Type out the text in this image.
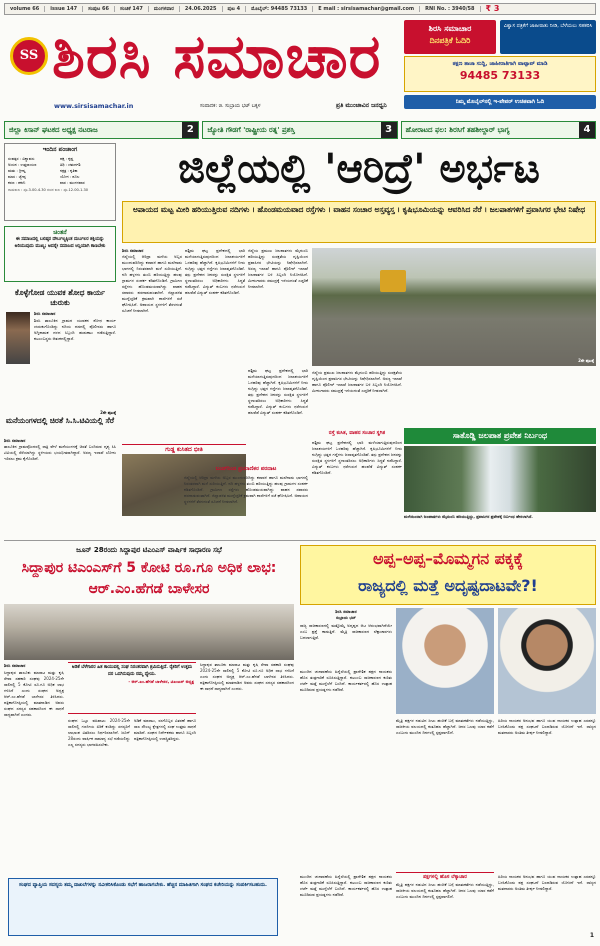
volume 66	issue 147	ಸಂಪುಟ 66	ಸಂಚಿಕೆ 147	ಮಂಗಳವಾರ	24.06.2025	ಪುಟ 4	ಮೊಬೈಲ್: 94485 73133	E mail : sirsisamachar@gmail.com	RNI No. : 3940/58	₹ 3
SS ಶಿರಸಿ ಸಮಾಚಾರ
www.sirsisamachar.in	ಸಂಪಾದಕ: ಜಿ. ಸುಬ್ರಾಯ ಭಟ್ ಬಕ್ಕಳ	ಪ್ರತಿ ಮುಂಜಾವಿನ ಜನಧ್ವನಿ
ಶಿರಸಿ ಸಮಾಚಾರ
ದಿನಪತ್ರಿಕೆ ಓದಿರಿ
ವಿಶ್ವಾಸ ಪತ್ರಿಕೆಗೆ ಜಾಹೀರಾತು ನೀಡಿ, ಬೆಳೆಯಲು ಸಹಕರಿಸಿ
ತಕ್ಷಣ ತಾಜಾ ಸುದ್ದಿ, ಜಾಹೀರಾತಿಗಾಗಿ ವಾಟ್ಸಾಪ್ ಮಾಡಿ
94485 73133
ನಿಮ್ಮ ಮೊಬೈಲ್‌ನಲ್ಲಿ ಇ-ಪೇಪರ್ ಉಚಿತವಾಗಿ ಓದಿ
ಜಿಲ್ಲಾ ಕಿಸಾನ್ ಘಟಕದ ಅಧ್ಯಕ್ಷ ನಟರಾಜ	2	ಜ್ಯೋತಿ ಗೌಡಗೆ 'ರಾಷ್ಟ್ರೀಯ ರತ್ನ' ಪ್ರಶಸ್ತಿ	3	ಹೋರಾಟದ ಫಲ: ಶಿರಸಿಗೆ ತಹಶೀಲ್ದಾರ್ ಭಾಗ್ಯ	4
ಇಂದಿನ ಪಂಚಾಂಗ
ಸಂವತ್ಸರ : ವಿಶ್ವಾವಸು	ಪಕ್ಷ : ಕೃಷ್ಣ
ಅಯನ : ಉತ್ತರಾಯಣ	ತಿಥಿ : ಚತುರ್ದಶಿ
ಋತು : ಗ್ರೀಷ್ಮ	ನಕ್ಷತ್ರ : ಕೃತಿಕಾ
ಮಾಸ : ಜ್ಯೇಷ್ಠ	ಯೋಗ : ಶೂಲ
ಕರಣ : ಶಕುನಿ	ವಾರ : ಮಂಗಳವಾರ
ರಾಹುಕಾಲ : ಪೂ.3.00-4.30 ಗುಳಿಕ ಕಾಲ : ಪೂ.12.00-1.30
ಚಿಂತನೆ
ಈ ಸಮಾಜದಲ್ಲಿ ಬಲಿಷ್ಠರ ದೌರ್ಬಲ್ಯಕ್ಕಿಂತ ದುರ್ಬಲರ ಶಕ್ತಿಯನ್ನು ಅರಿಯುವುದು ಮುಖ್ಯ; ಅದನ್ನೇ ಸಮಾಜದ ಆಸ್ತಿಯಾಗಿ ಕಾಣಬೇಕು
ಕೊಳ್ಳೆಗೋಡ ಯುವಕ ಶೋಧ ಕಾರ್ಯ ಚುರುಕು
ಶಿರಸಿ ಸಮಾಚಾರ
ಶಿರಸಿ ತಾಲೂಕಿನ ಗ್ರಾಮದ ಯುವಕನ ಶೋಧ ಕಾರ್ಯ ಚುರುಕುಗೊಂಡಿದ್ದು ನದಿಯ ದಡದಲ್ಲಿ ಪೊಲೀಸರು ಹಾಗೂ ಅಗ್ನಿಶಾಮಕ ದಳದ ಸಿಬ್ಬಂದಿ ಹುಡುಕಾಟ ನಡೆಸುತ್ತಿದ್ದಾರೆ. ಕುಟುಂಬಸ್ಥರು ಆತಂಕದಲ್ಲಿದ್ದಾರೆ.
2ನೇ ಪುಟಕ್ಕೆ
ಮನೆಯಂಗಳದಲ್ಲಿ ಚಿರತೆ ಸಿ.ಸಿ.ಟಿವಿಯಲ್ಲಿ ಸೆರೆ
ಶಿರಸಿ ಸಮಾಚಾರ
ತಾಲೂಕಿನ ಗ್ರಾಮವೊಂದರಲ್ಲಿ ರಾತ್ರಿ ವೇಳೆ ಮನೆಯಂಗಳಕ್ಕೆ ಚಿರತೆ ಬಂದಿರುವ ದೃಶ್ಯ ಸಿಸಿ ಟಿವಿಯಲ್ಲಿ ಸೆರೆಯಾಗಿದ್ದು ಸ್ಥಳೀಯರು ಭಯಭೀತರಾಗಿದ್ದಾರೆ. ಅರಣ್ಯ ಇಲಾಖೆ ಬೋನು ಇರಿಸಲು ಕ್ರಮ ಕೈಗೊಂಡಿದೆ.
ಜಿಲ್ಲೆಯಲ್ಲಿ 'ಆರಿದ್ರೆ' ಅರ್ಭಟ
ಅಪಾಯದ ಮಟ್ಟ ಮೀರಿ ಹರಿಯುತ್ತಿರುವ ನದಿಗಳು । ಹೊಂಡಮಯವಾದ ರಸ್ತೆಗಳು । ವಾಹನ ಸಂಚಾರ ಅಸ್ತವ್ಯಸ್ತ । ಕೃಷಿಭೂಮಿಯನ್ನು ಆವರಿಸಿದ ನೆರೆ । ಜಲಪಾತಗಳಿಗೆ ಪ್ರವಾಸಿಗರ ಭೇಟಿ ನಿಷೇಧ
ಶಿರಸಿ ಸಮಾಚಾರ
ಜಿಲ್ಲೆಯಲ್ಲಿ ಆರಿದ್ರಾ ಮಳೆಯ ಅಬ್ಬರ ಮುಂದುವರಿದಿದ್ದು ಕರಾವಳಿ ಹಾಗೂ ಮಲೆನಾಡು ಭಾಗದಲ್ಲಿ ನಿರಂತರವಾಗಿ ಮಳೆ ಸುರಿಯುತ್ತಿದೆ. ನದಿ ಹಳ್ಳಗಳು ತುಂಬಿ ಹರಿಯುತ್ತಿದ್ದು ಹಲವು ಗ್ರಾಮಗಳ ಸಂಪರ್ಕ ಕಡಿತಗೊಂಡಿದೆ. ಗ್ರಾಮೀಣ ರಸ್ತೆಗಳು ಹೊಂಡಮಯವಾಗಿದ್ದು ವಾಹನ ಸವಾರರು ಪರದಾಡುವಂತಾಗಿದೆ. ಜಿಲ್ಲಾಡಳಿತ ಮುನ್ನೆಚ್ಚರಿಕೆ ಕ್ರಮವಾಗಿ ಶಾಲೆಗಳಿಗೆ ರಜೆ ಘೋಷಿಸಿದೆ. ಅಪಾಯದ ಸ್ಥಳಗಳಿಗೆ ತೆರಳದಂತೆ ಸೂಚನೆ ನೀಡಲಾಗಿದೆ.
ಪಶ್ಚಿಮ ಘಟ್ಟ ಪ್ರದೇಶದಲ್ಲಿ ಭಾರಿ ಮಳೆಯಾಗುತ್ತಿರುವುದರಿಂದ ಜಲಾಶಯಗಳಿಗೆ ಒಳಹರಿವು ಹೆಚ್ಚಾಗಿದೆ. ಕೃಷಿಭೂಮಿಗಳಿಗೆ ನೀರು ನುಗ್ಗಿದ್ದು ಭತ್ತದ ಗದ್ದೆಗಳು ಜಲಾವೃತಗೊಂಡಿವೆ. ತಗ್ಗು ಪ್ರದೇಶದ ಜನರನ್ನು ಸುರಕ್ಷಿತ ಸ್ಥಳಗಳಿಗೆ ಸ್ಥಳಾಂತರಿಸಲು ಅಧಿಕಾರಿಗಳು ಸಿದ್ಧತೆ ನಡೆಸಿದ್ದಾರೆ. ವಿದ್ಯುತ್ ಕಂಬಗಳು ಧರೆಗುರುಳಿ ಹಲವೆಡೆ ವಿದ್ಯುತ್ ಸಂಪರ್ಕ ಕಡಿತಗೊಂಡಿದೆ.
ಜಿಲ್ಲೆಯ ಪ್ರಮುಖ ಜಲಪಾತಗಳು ಮೈದುಂಬಿ ಹರಿಯುತ್ತಿದ್ದು ಸುರಕ್ಷತೆಯ ದೃಷ್ಟಿಯಿಂದ ಪ್ರವಾಸಿಗರ ಭೇಟಿಯನ್ನು ನಿಷೇಧಿಸಲಾಗಿದೆ. ಅರಣ್ಯ ಇಲಾಖೆ ಹಾಗೂ ಪೊಲೀಸ್ ಇಲಾಖೆ ಜಲಪಾತಗಳ ಬಳಿ ಸಿಬ್ಬಂದಿ ನಿಯೋಜಿಸಿದೆ. ಮೀನುಗಾರರು ಸಮುದ್ರಕ್ಕೆ ಇಳಿಯದಂತೆ ಎಚ್ಚರಿಕೆ ನೀಡಲಾಗಿದೆ.
2ನೇ ಪುಟಕ್ಕೆ
ಗುಡ್ಡ ಕುಸಿತದ ಭೀತಿ
ಪಶ್ಚಿಮ ಘಟ್ಟ ಪ್ರದೇಶದಲ್ಲಿ ಭಾರಿ ಮಳೆಯಾಗುತ್ತಿರುವುದರಿಂದ ಜಲಾಶಯಗಳಿಗೆ ಒಳಹರಿವು ಹೆಚ್ಚಾಗಿದೆ. ಕೃಷಿಭೂಮಿಗಳಿಗೆ ನೀರು ನುಗ್ಗಿದ್ದು ಭತ್ತದ ಗದ್ದೆಗಳು ಜಲಾವೃತಗೊಂಡಿವೆ. ತಗ್ಗು ಪ್ರದೇಶದ ಜನರನ್ನು ಸುರಕ್ಷಿತ ಸ್ಥಳಗಳಿಗೆ ಸ್ಥಳಾಂತರಿಸಲು ಅಧಿಕಾರಿಗಳು ಸಿದ್ಧತೆ ನಡೆಸಿದ್ದಾರೆ. ವಿದ್ಯುತ್ ಕಂಬಗಳು ಧರೆಗುರುಳಿ ಹಲವೆಡೆ ವಿದ್ಯುತ್ ಸಂಪರ್ಕ ಕಡಿತಗೊಂಡಿದೆ.
ಬಂದ್‌ನಿಂದ ಪ್ರಯಾಣಿಕರ ಪರದಾಟ
ಜಿಲ್ಲೆಯಲ್ಲಿ ಆರಿದ್ರಾ ಮಳೆಯ ಅಬ್ಬರ ಮುಂದುವರಿದಿದ್ದು ಕರಾವಳಿ ಹಾಗೂ ಮಲೆನಾಡು ಭಾಗದಲ್ಲಿ ನಿರಂತರವಾಗಿ ಮಳೆ ಸುರಿಯುತ್ತಿದೆ. ನದಿ ಹಳ್ಳಗಳು ತುಂಬಿ ಹರಿಯುತ್ತಿದ್ದು ಹಲವು ಗ್ರಾಮಗಳ ಸಂಪರ್ಕ ಕಡಿತಗೊಂಡಿದೆ. ಗ್ರಾಮೀಣ ರಸ್ತೆಗಳು ಹೊಂಡಮಯವಾಗಿದ್ದು ವಾಹನ ಸವಾರರು ಪರದಾಡುವಂತಾಗಿದೆ. ಜಿಲ್ಲಾಡಳಿತ ಮುನ್ನೆಚ್ಚರಿಕೆ ಕ್ರಮವಾಗಿ ಶಾಲೆಗಳಿಗೆ ರಜೆ ಘೋಷಿಸಿದೆ. ಅಪಾಯದ ಸ್ಥಳಗಳಿಗೆ ತೆರಳದಂತೆ ಸೂಚನೆ ನೀಡಲಾಗಿದೆ.
ಜಿಲ್ಲೆಯ ಪ್ರಮುಖ ಜಲಪಾತಗಳು ಮೈದುಂಬಿ ಹರಿಯುತ್ತಿದ್ದು ಸುರಕ್ಷತೆಯ ದೃಷ್ಟಿಯಿಂದ ಪ್ರವಾಸಿಗರ ಭೇಟಿಯನ್ನು ನಿಷೇಧಿಸಲಾಗಿದೆ. ಅರಣ್ಯ ಇಲಾಖೆ ಹಾಗೂ ಪೊಲೀಸ್ ಇಲಾಖೆ ಜಲಪಾತಗಳ ಬಳಿ ಸಿಬ್ಬಂದಿ ನಿಯೋಜಿಸಿದೆ. ಮೀನುಗಾರರು ಸಮುದ್ರಕ್ಕೆ ಇಳಿಯದಂತೆ ಎಚ್ಚರಿಕೆ ನೀಡಲಾಗಿದೆ.
ಸಾತೊಡ್ಡಿ ಜಲಪಾತ ಪ್ರವೇಶ ನಿರ್ಬಂಧ
ರಸ್ತೆ ಕುಸಿತ, ವಾಹನ ಸಂಚಾರ ಸ್ಥಗಿತ
ಪಶ್ಚಿಮ ಘಟ್ಟ ಪ್ರದೇಶದಲ್ಲಿ ಭಾರಿ ಮಳೆಯಾಗುತ್ತಿರುವುದರಿಂದ ಜಲಾಶಯಗಳಿಗೆ ಒಳಹರಿವು ಹೆಚ್ಚಾಗಿದೆ. ಕೃಷಿಭೂಮಿಗಳಿಗೆ ನೀರು ನುಗ್ಗಿದ್ದು ಭತ್ತದ ಗದ್ದೆಗಳು ಜಲಾವೃತಗೊಂಡಿವೆ. ತಗ್ಗು ಪ್ರದೇಶದ ಜನರನ್ನು ಸುರಕ್ಷಿತ ಸ್ಥಳಗಳಿಗೆ ಸ್ಥಳಾಂತರಿಸಲು ಅಧಿಕಾರಿಗಳು ಸಿದ್ಧತೆ ನಡೆಸಿದ್ದಾರೆ. ವಿದ್ಯುತ್ ಕಂಬಗಳು ಧರೆಗುರುಳಿ ಹಲವೆಡೆ ವಿದ್ಯುತ್ ಸಂಪರ್ಕ ಕಡಿತಗೊಂಡಿದೆ.
ಮಳೆಯಿಂದಾಗಿ ಜಲಪಾತಗಳು ಮೈದುಂಬಿ ಹರಿಯುತ್ತಿದ್ದು, ಪ್ರವಾಸಿಗರ ಪ್ರವೇಶಕ್ಕೆ ನಿರ್ಬಂಧ ಹೇರಲಾಗಿದೆ.
ಜೂನ್ 28ರಂದು ಸಿದ್ದಾಪುರ ಟಿಎಂಎಸ್ ವಾರ್ಷಿಕ ಸಾಧಾರಣ ಸಭೆ
ಸಿದ್ದಾಪುರ ಟಿಎಂಎಸ್‌ಗೆ 5 ಕೋಟಿ ರೂ.ಗೂ ಅಧಿಕ ಲಾಭ: ಆರ್.ಎಂ.ಹೆಗಡೆ ಬಾಳೇಸರ
ಶಿರಸಿ ಸಮಾಚಾರ
ಸಿದ್ದಾಪುರ ತಾಲೂಕು ಮಾರಾಟ ಮತ್ತು ಕೃಷಿ ಸೇವಾ ಸಹಕಾರಿ ಸಂಘವು 2024-25ನೇ ಸಾಲಿನಲ್ಲಿ 5 ಕೋಟಿ ರೂ.ಗೂ ಅಧಿಕ ಲಾಭ ಗಳಿಸಿದೆ ಎಂದು ಸಂಘದ ಅಧ್ಯಕ್ಷ ಆರ್.ಎಂ.ಹೆಗಡೆ ಬಾಳೇಸರ ತಿಳಿಸಿದರು. ಪತ್ರಿಕಾಗೋಷ್ಠಿಯಲ್ಲಿ ಮಾತನಾಡಿದ ಅವರು ಸಂಘದ ಸದಸ್ಯರ ಸಹಕಾರದಿಂದ ಈ ಸಾಧನೆ ಸಾಧ್ಯವಾಗಿದೆ ಎಂದರು.
ಅಡಿಕೆ ಬೆಳೆಗಾರರ ಹಿತ ಕಾಯುವಲ್ಲಿ ಸಂಘ ನಿರಂತರವಾಗಿ ಶ್ರಮಿಸುತ್ತಿದೆ. ರೈತರಿಗೆ ಉತ್ತಮ ದರ ಒದಗಿಸುವುದು ನಮ್ಮ ಧ್ಯೇಯ.
- ಆರ್.ಎಂ.ಹೆಗಡೆ ಬಾಳೇಸರ, ಟಿಎಂಎಸ್ ಅಧ್ಯಕ್ಷ
ಸಂಘದ ಒಟ್ಟು ವಹಿವಾಟು 2024-25ನೇ ಸಾಲಿನಲ್ಲಿ ಗಣನೀಯ ಏರಿಕೆ ಕಂಡಿದ್ದು ಸದಸ್ಯರಿಗೆ ಲಾಭಾಂಶ ವಿತರಿಸಲು ನಿರ್ಧರಿಸಲಾಗಿದೆ. ಜೂನ್ 28ರಂದು ವಾರ್ಷಿಕ ಸಾಮಾನ್ಯ ಸಭೆ ನಡೆಯಲಿದ್ದು ಎಲ್ಲ ಸದಸ್ಯರು ಭಾಗವಹಿಸಬೇಕು.
ಅಡಿಕೆ ಮಾರಾಟ, ರಸಗೊಬ್ಬರ ವಿತರಣೆ ಹಾಗೂ ಸಾಲ ಸೌಲಭ್ಯ ಕ್ಷೇತ್ರಗಳಲ್ಲಿ ಸಂಘ ಉತ್ತಮ ಸಾಧನೆ ಮಾಡಿದೆ. ಸಂಘದ ನಿರ್ದೇಶಕರು ಹಾಗೂ ಸಿಬ್ಬಂದಿ ಪತ್ರಿಕಾಗೋಷ್ಠಿಯಲ್ಲಿ ಉಪಸ್ಥಿತರಿದ್ದರು.
ಸಿದ್ದಾಪುರ ತಾಲೂಕು ಮಾರಾಟ ಮತ್ತು ಕೃಷಿ ಸೇವಾ ಸಹಕಾರಿ ಸಂಘವು 2024-25ನೇ ಸಾಲಿನಲ್ಲಿ 5 ಕೋಟಿ ರೂ.ಗೂ ಅಧಿಕ ಲಾಭ ಗಳಿಸಿದೆ ಎಂದು ಸಂಘದ ಅಧ್ಯಕ್ಷ ಆರ್.ಎಂ.ಹೆಗಡೆ ಬಾಳೇಸರ ತಿಳಿಸಿದರು. ಪತ್ರಿಕಾಗೋಷ್ಠಿಯಲ್ಲಿ ಮಾತನಾಡಿದ ಅವರು ಸಂಘದ ಸದಸ್ಯರ ಸಹಕಾರದಿಂದ ಈ ಸಾಧನೆ ಸಾಧ್ಯವಾಗಿದೆ ಎಂದರು.
ಸಂಘದ ವ್ಯಾಪ್ತಿಯ ಸದಸ್ಯರು ತಮ್ಮ ದಾಖಲೆಗಳನ್ನು ನವೀಕರಿಸಿಕೊಂಡು ಸಭೆಗೆ ಹಾಜರಾಗಬೇಕು. ಹೆಚ್ಚಿನ ಮಾಹಿತಿಗಾಗಿ ಸಂಘದ ಕಚೇರಿಯನ್ನು ಸಂಪರ್ಕಿಸಬಹುದು.
ಅಪ್ಪ–ಅಪ್ಪ–ಮೊಮ್ಮಗನ ಪಕ್ಕಕ್ಕೆ
ರಾಜ್ಯದಲ್ಲಿ ಮತ್ತೆ ಅದೃಷ್ಟದಾಟವೇ?!
ಶಿರಸಿ ಸಮಾಚಾರ
ಸುಬ್ರಾಯ ಭಟ್
ರಾಜ್ಯ ರಾಜಕಾರಣದಲ್ಲಿ ಮತ್ತೊಮ್ಮೆ ಅದೃಷ್ಟದ ಆಟ ಆರಂಭವಾಗಿದೆಯೇ ಎಂಬ ಪ್ರಶ್ನೆ ಕಾಡುತ್ತಿದೆ. ಮೈತ್ರಿ ರಾಜಕಾರಣದ ಲೆಕ್ಕಾಚಾರಗಳು ಬದಲಾಗುತ್ತಿವೆ.
ಮುಂದಿನ ಚುನಾವಣೆಯ ಹಿನ್ನೆಲೆಯಲ್ಲಿ ಪ್ರಾದೇಶಿಕ ಪಕ್ಷದ ನಾಯಕರು ಹೊಸ ತಂತ್ರಗಾರಿಕೆ ರೂಪಿಸುತ್ತಿದ್ದಾರೆ. ಕುಟುಂಬ ರಾಜಕಾರಣದ ಕುರಿತು ಚರ್ಚೆ ಮತ್ತೆ ಮುನ್ನೆಲೆಗೆ ಬಂದಿದೆ. ಕಾರ್ಯಕರ್ತರಲ್ಲಿ ಹೊಸ ಉತ್ಸಾಹ ಮೂಡಿಸುವ ಪ್ರಯತ್ನಗಳು ನಡೆದಿವೆ.
ಮೈತ್ರಿ ಪಕ್ಷಗಳ ನಡುವಿನ ಸೀಟು ಹಂಚಿಕೆ ಬಗ್ಗೆ ಮಾತುಕತೆಗಳು ನಡೆಯುತ್ತಿದ್ದು, ರಾಜಕೀಯ ವಲಯದಲ್ಲಿ ಕುತೂಹಲ ಹೆಚ್ಚಾಗಿದೆ. ಜನರ ಒಲವು ಯಾರ ಕಡೆಗೆ ಎಂಬುದು ಮುಂದಿನ ದಿನಗಳಲ್ಲಿ ಸ್ಪಷ್ಟವಾಗಲಿದೆ.
ಹಿರಿಯ ನಾಯಕರ ಅನುಭವ ಹಾಗೂ ಯುವ ನಾಯಕರ ಉತ್ಸಾಹ ಎರಡನ್ನೂ ಬಳಸಿಕೊಂಡು ಪಕ್ಷ ಸಂಘಟನೆ ಬಲಪಡಿಸುವ ಯೋಜನೆ ಇದೆ. ರಾಜ್ಯದ ಮತದಾರರು ಅಂತಿಮ ತೀರ್ಪು ನೀಡಲಿದ್ದಾರೆ.
ಮುಂದಿನ ಚುನಾವಣೆಯ ಹಿನ್ನೆಲೆಯಲ್ಲಿ ಪ್ರಾದೇಶಿಕ ಪಕ್ಷದ ನಾಯಕರು ಹೊಸ ತಂತ್ರಗಾರಿಕೆ ರೂಪಿಸುತ್ತಿದ್ದಾರೆ. ಕುಟುಂಬ ರಾಜಕಾರಣದ ಕುರಿತು ಚರ್ಚೆ ಮತ್ತೆ ಮುನ್ನೆಲೆಗೆ ಬಂದಿದೆ. ಕಾರ್ಯಕರ್ತರಲ್ಲಿ ಹೊಸ ಉತ್ಸಾಹ ಮೂಡಿಸುವ ಪ್ರಯತ್ನಗಳು ನಡೆದಿವೆ.
ಪಕ್ಷಗಳಲ್ಲಿ ಹೊಸ ಲೆಕ್ಕಾಚಾರ
ಮೈತ್ರಿ ಪಕ್ಷಗಳ ನಡುವಿನ ಸೀಟು ಹಂಚಿಕೆ ಬಗ್ಗೆ ಮಾತುಕತೆಗಳು ನಡೆಯುತ್ತಿದ್ದು, ರಾಜಕೀಯ ವಲಯದಲ್ಲಿ ಕುತೂಹಲ ಹೆಚ್ಚಾಗಿದೆ. ಜನರ ಒಲವು ಯಾರ ಕಡೆಗೆ ಎಂಬುದು ಮುಂದಿನ ದಿನಗಳಲ್ಲಿ ಸ್ಪಷ್ಟವಾಗಲಿದೆ.
ಹಿರಿಯ ನಾಯಕರ ಅನುಭವ ಹಾಗೂ ಯುವ ನಾಯಕರ ಉತ್ಸಾಹ ಎರಡನ್ನೂ ಬಳಸಿಕೊಂಡು ಪಕ್ಷ ಸಂಘಟನೆ ಬಲಪಡಿಸುವ ಯೋಜನೆ ಇದೆ. ರಾಜ್ಯದ ಮತದಾರರು ಅಂತಿಮ ತೀರ್ಪು ನೀಡಲಿದ್ದಾರೆ.
1
